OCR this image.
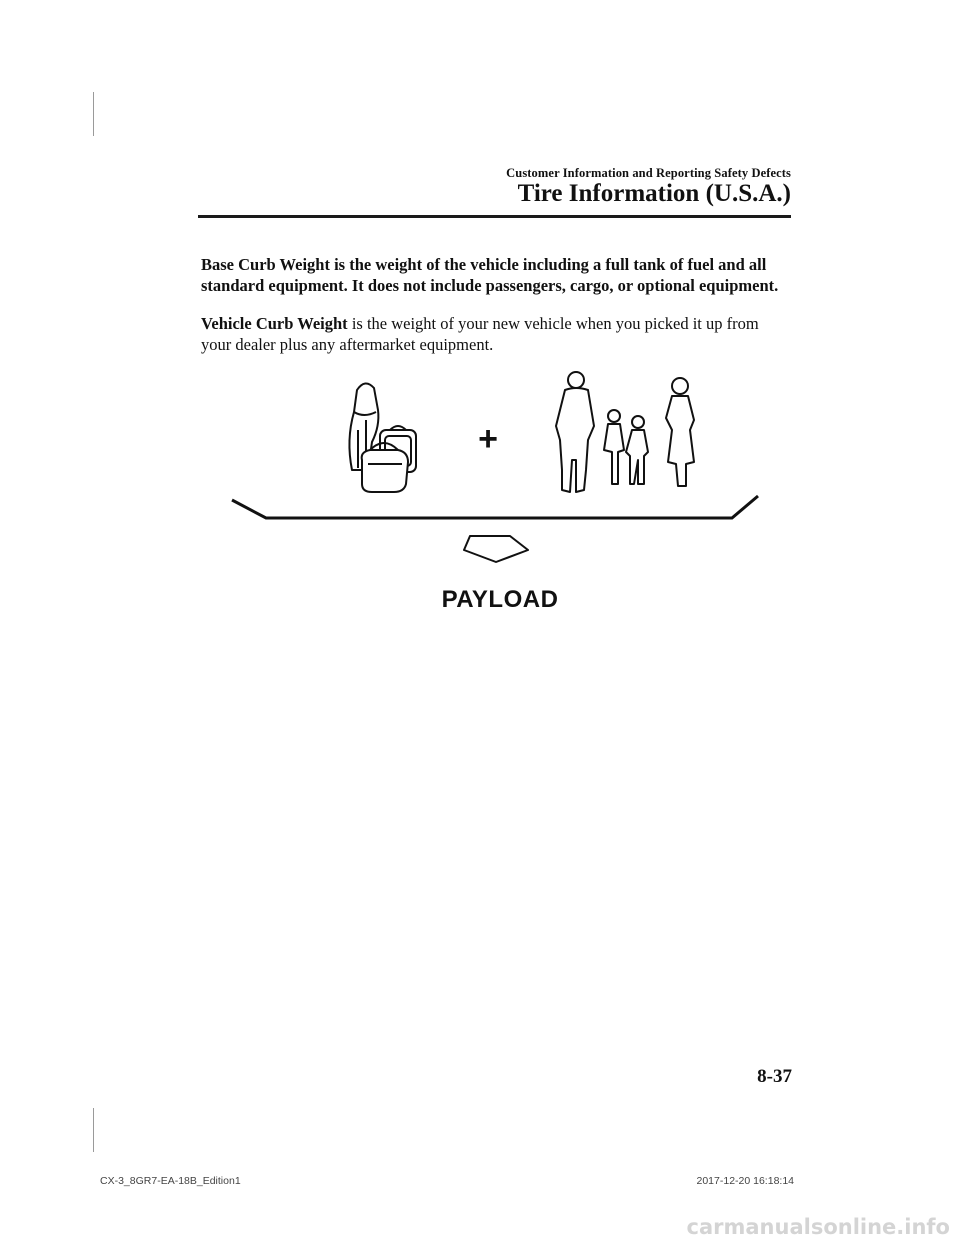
Customer Information and Reporting Safety Defects
Tire Information (U.S.A.)

Base Curb Weight is the weight of the vehicle including a full tank of fuel and all standard equipment. It does not include passengers, cargo, or optional equipment.

Vehicle Curb Weight is the weight of your new vehicle when you picked it up from your dealer plus any aftermarket equipment.

+
PAYLOAD
8-37
CX-3_8GR7-EA-18B_Edition1	2017-12-20 16:18:14
carmanualsonline.info
